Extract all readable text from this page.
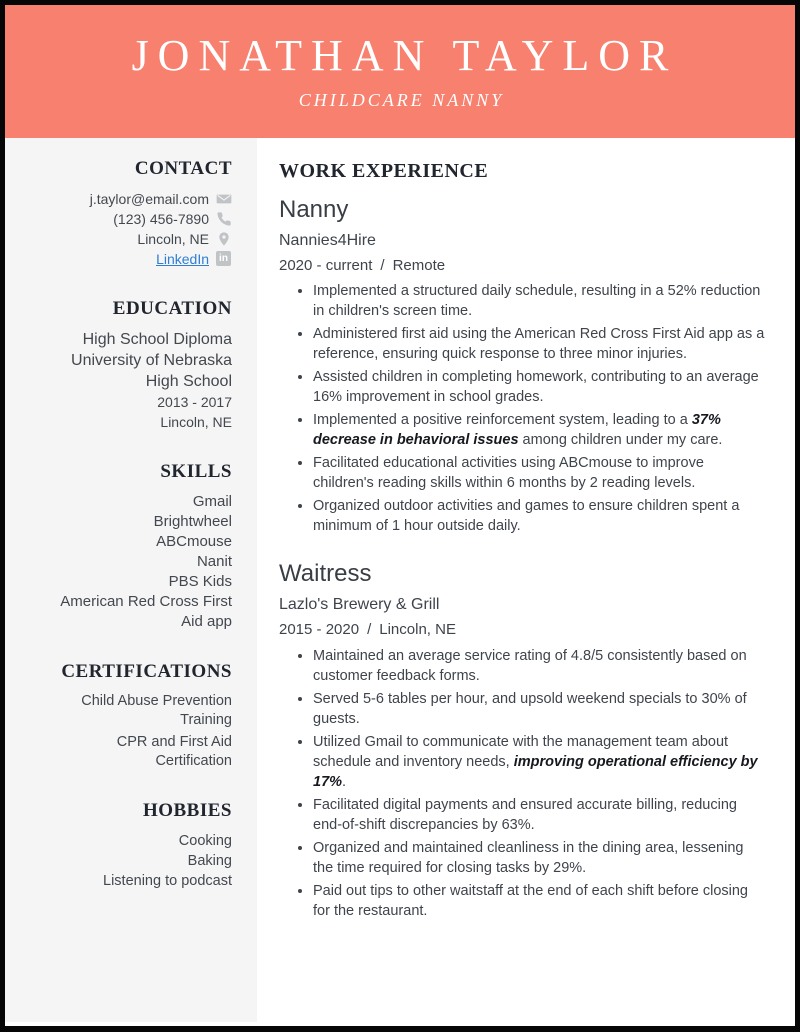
JONATHAN TAYLOR
CHILDCARE NANNY
CONTACT
j.taylor@email.com
(123) 456-7890
Lincoln, NE
LinkedIn	in
EDUCATION
High School Diploma
University of Nebraska High School
2013 - 2017
Lincoln, NE
SKILLS
Gmail
Brightwheel
ABCmouse
Nanit
PBS Kids
American Red Cross First Aid app
CERTIFICATIONS
Child Abuse Prevention Training
CPR and First Aid Certification
HOBBIES
Cooking
Baking
Listening to podcast
WORK EXPERIENCE
Nanny
Nannies4Hire
2020 - current / Remote
• Implemented a structured daily schedule, resulting in a 52% reduction in children's screen time.
• Administered first aid using the American Red Cross First Aid app as a reference, ensuring quick response to three minor injuries.
• Assisted children in completing homework, contributing to an average 16% improvement in school grades.
• Implemented a positive reinforcement system, leading to a 37% decrease in behavioral issues among children under my care.
• Facilitated educational activities using ABCmouse to improve children's reading skills within 6 months by 2 reading levels.
• Organized outdoor activities and games to ensure children spent a minimum of 1 hour outside daily.
Waitress
Lazlo's Brewery & Grill
2015 - 2020 / Lincoln, NE
• Maintained an average service rating of 4.8/5 consistently based on customer feedback forms.
• Served 5-6 tables per hour, and upsold weekend specials to 30% of guests.
• Utilized Gmail to communicate with the management team about schedule and inventory needs, improving operational efficiency by 17%.
• Facilitated digital payments and ensured accurate billing, reducing end-of-shift discrepancies by 63%.
• Organized and maintained cleanliness in the dining area, lessening the time required for closing tasks by 29%.
• Paid out tips to other waitstaff at the end of each shift before closing for the restaurant.
